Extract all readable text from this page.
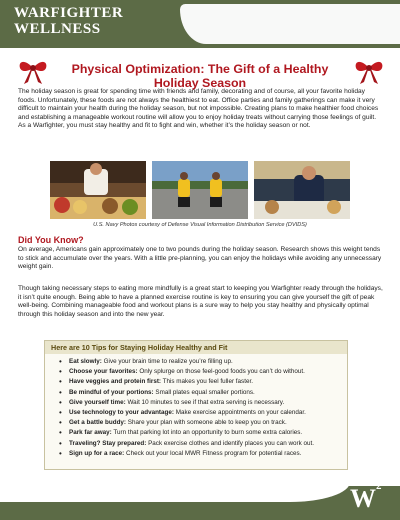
WARFIGHTER
WELLNESS
Physical Optimization: The Gift of a Healthy Holiday Season
The holiday season is great for spending time with friends and family, decorating and of course, all your favorite holiday foods. Unfortunately, these foods are not always the healthiest to eat. Office parties and family gatherings can make it very difficult to maintain your health during the holiday season, but not impossible. Creating plans to make healthier food choices and establishing a manageable workout routine will allow you to enjoy holiday treats without carrying those feelings of guilt. As a Warfighter, you must stay healthy and fit to fight and win, whether it’s the holiday season or not.
U.S. Navy Photos courtesy of Defense Visual Information Distribution Service (DVIDS)
Did You Know?
On average, Americans gain approximately one to two pounds during the holiday season. Research shows this weight tends to stick and accumulate over the years. With a little pre-planning, you can enjoy the holidays while avoiding any unnecessary weight gain.
Though taking necessary steps to eating more mindfully is a great start to keeping you Warfighter ready through the holidays, it isn’t quite enough. Being able to have a planned exercise routine is key to ensuring you can give yourself the gift of peak well-being. Combining manageable food and workout plans is a sure way to help you stay healthy and physically optimal through this holiday season and into the new year.
Here are 10 Tips for Staying Holiday Healthy and Fit
• Eat slowly: Give your brain time to realize you’re filling up.
• Choose your favorites: Only splurge on those feel-good foods you can’t do without.
• Have veggies and protein first: This makes you feel fuller faster.
• Be mindful of your portions: Small plates equal smaller portions.
• Give yourself time: Wait 10 minutes to see if that extra serving is necessary.
• Use technology to your advantage: Make exercise appointments on your calendar.
• Get a battle buddy: Share your plan with someone able to keep you on track.
• Park far away: Turn that parking lot into an opportunity to burn some extra calories.
• Traveling? Stay prepared: Pack exercise clothes and identify places you can work out.
• Sign up for a race: Check out your local MWR Fitness program for potential races.
W 2
